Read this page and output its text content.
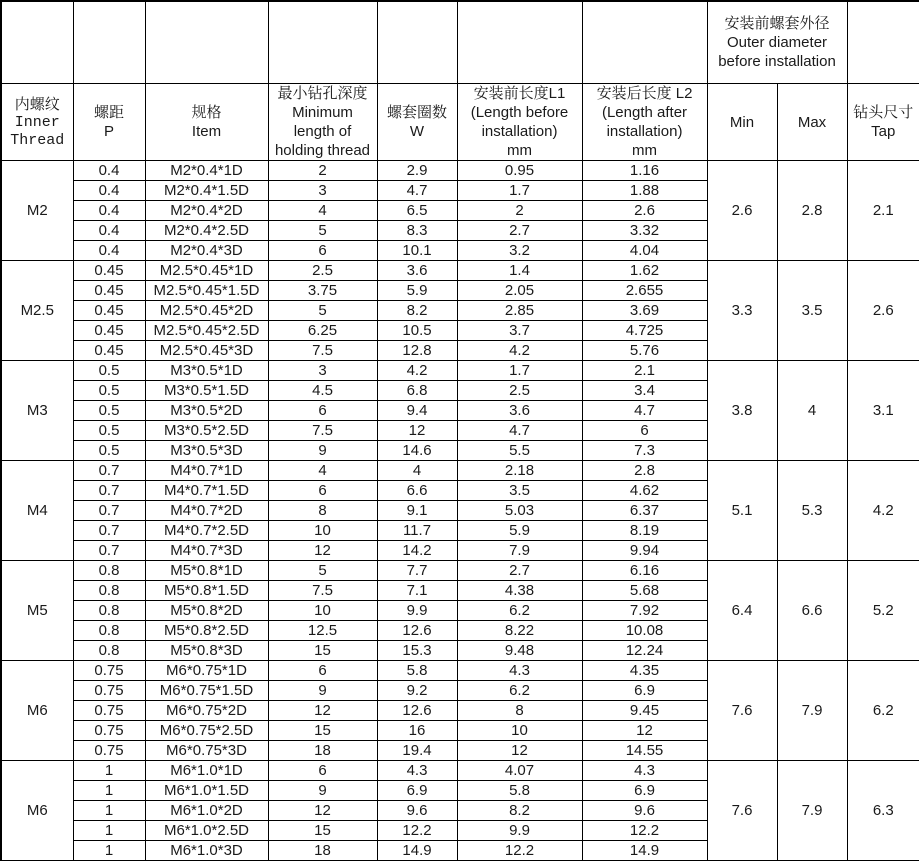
							安装前螺套外径
Outer diameter
before installation		

内螺纹
Inner
Thread	螺距
P	规格
Item	最小钻孔深度
Minimum length of holding thread	螺套圈数
W	安装前长度L1
(Length before installation)
mm	安装后长度 L2
(Length after installation)
mm	Min	Max	钻头尺寸
Tap

M2	0.4	M2*0.4*1D	2	2.9	0.95	1.16	2.6	2.8	2.1
	0.4	M2*0.4*1.5D	3	4.7	1.7	1.88			
	0.4	M2*0.4*2D	4	6.5	2	2.6			
	0.4	M2*0.4*2.5D	5	8.3	2.7	3.32			
	0.4	M2*0.4*3D	6	10.1	3.2	4.04			
M2.5	0.45	M2.5*0.45*1D	2.5	3.6	1.4	1.62	3.3	3.5	2.6
	0.45	M2.5*0.45*1.5D	3.75	5.9	2.05	2.655			
	0.45	M2.5*0.45*2D	5	8.2	2.85	3.69			
	0.45	M2.5*0.45*2.5D	6.25	10.5	3.7	4.725			
	0.45	M2.5*0.45*3D	7.5	12.8	4.2	5.76			
M3	0.5	M3*0.5*1D	3	4.2	1.7	2.1	3.8	4	3.1
	0.5	M3*0.5*1.5D	4.5	6.8	2.5	3.4			
	0.5	M3*0.5*2D	6	9.4	3.6	4.7			
	0.5	M3*0.5*2.5D	7.5	12	4.7	6			
	0.5	M3*0.5*3D	9	14.6	5.5	7.3			
M4	0.7	M4*0.7*1D	4	4	2.18	2.8	5.1	5.3	4.2
	0.7	M4*0.7*1.5D	6	6.6	3.5	4.62			
	0.7	M4*0.7*2D	8	9.1	5.03	6.37			
	0.7	M4*0.7*2.5D	10	11.7	5.9	8.19			
	0.7	M4*0.7*3D	12	14.2	7.9	9.94			
M5	0.8	M5*0.8*1D	5	7.7	2.7	6.16	6.4	6.6	5.2
	0.8	M5*0.8*1.5D	7.5	7.1	4.38	5.68			
	0.8	M5*0.8*2D	10	9.9	6.2	7.92			
	0.8	M5*0.8*2.5D	12.5	12.6	8.22	10.08			
	0.8	M5*0.8*3D	15	15.3	9.48	12.24			
M6	0.75	M6*0.75*1D	6	5.8	4.3	4.35	7.6	7.9	6.2
	0.75	M6*0.75*1.5D	9	9.2	6.2	6.9			
	0.75	M6*0.75*2D	12	12.6	8	9.45			
	0.75	M6*0.75*2.5D	15	16	10	12			
	0.75	M6*0.75*3D	18	19.4	12	14.55			
M6	1	M6*1.0*1D	6	4.3	4.07	4.3	7.6	7.9	6.3
	1	M6*1.0*1.5D	9	6.9	5.8	6.9			
	1	M6*1.0*2D	12	9.6	8.2	9.6			
	1	M6*1.0*2.5D	15	12.2	9.9	12.2			
	1	M6*1.0*3D	18	14.9	12.2	14.9			
